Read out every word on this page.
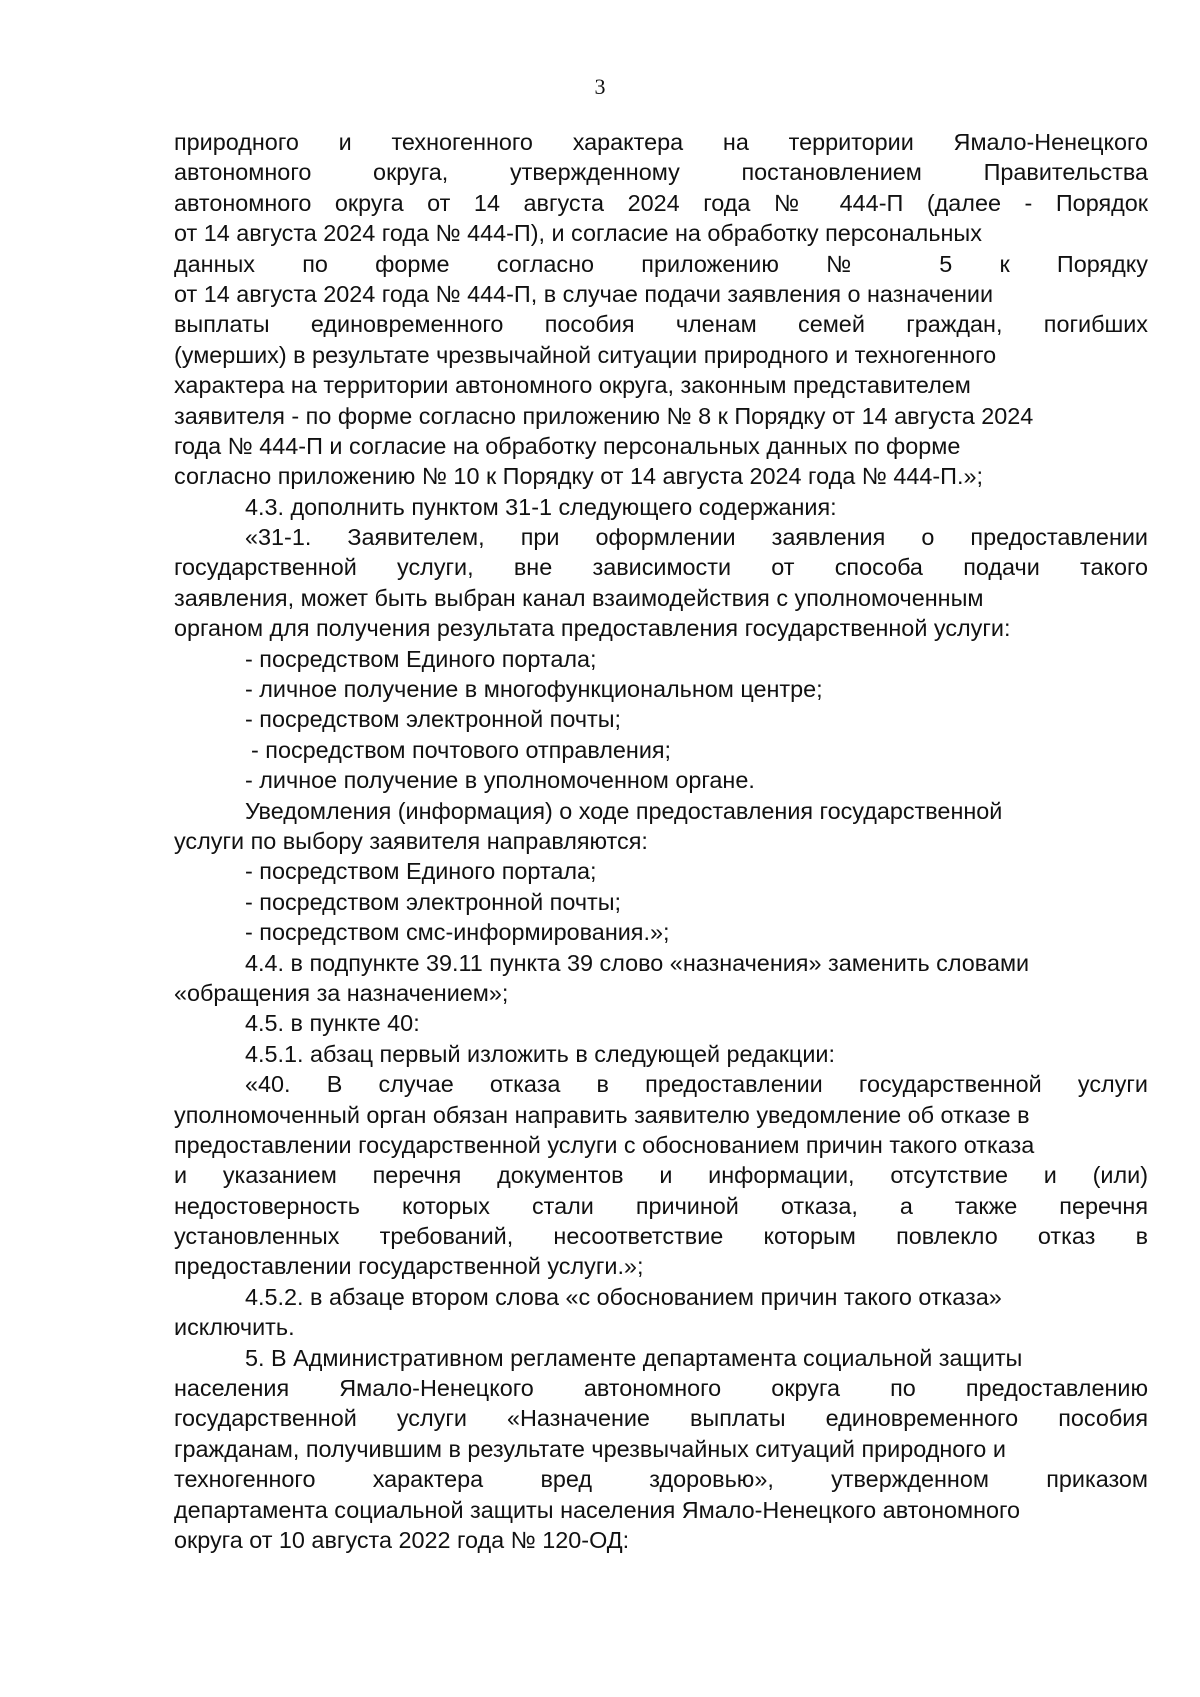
3
природного и техногенного характера на территории Ямало-Ненецкого
автономного округа, утвержденному постановлением Правительства
автономного округа от 14 августа 2024 года № 444-П (далее - Порядок
от 14 августа 2024 года № 444-П), и согласие на обработку персональных
данных по форме согласно приложению № 5 к Порядку
от 14 августа 2024 года № 444-П, в случае подачи заявления о назначении
выплаты единовременного пособия членам семей граждан, погибших
(умерших) в результате чрезвычайной ситуации природного и техногенного
характера на территории автономного округа, законным представителем
заявителя - по форме согласно приложению № 8 к Порядку от 14 августа 2024
года № 444-П и согласие на обработку персональных данных по форме
согласно приложению № 10 к Порядку от 14 августа 2024 года № 444-П.»;
4.3. дополнить пунктом 31-1 следующего содержания:
«31-1. Заявителем, при оформлении заявления о предоставлении
государственной услуги, вне зависимости от способа подачи такого
заявления, может быть выбран канал взаимодействия с уполномоченным
органом для получения результата предоставления государственной услуги:
- посредством Единого портала;
- личное получение в многофункциональном центре;
- посредством электронной почты;
- посредством почтового отправления;
- личное получение в уполномоченном органе.
Уведомления (информация) о ходе предоставления государственной
услуги по выбору заявителя направляются:
- посредством Единого портала;
- посредством электронной почты;
- посредством смс-информирования.»;
4.4. в подпункте 39.11 пункта 39 слово «назначения» заменить словами
«обращения за назначением»;
4.5. в пункте 40:
4.5.1. абзац первый изложить в следующей редакции:
«40. В случае отказа в предоставлении государственной услуги
уполномоченный орган обязан направить заявителю уведомление об отказе в
предоставлении государственной услуги с обоснованием причин такого отказа
и указанием перечня документов и информации, отсутствие и (или)
недостоверность которых стали причиной отказа, а также перечня
установленных требований, несоответствие которым повлекло отказ в
предоставлении государственной услуги.»;
4.5.2. в абзаце втором слова «с обоснованием причин такого отказа»
исключить.
5. В Административном регламенте департамента социальной защиты
населения Ямало-Ненецкого автономного округа по предоставлению
государственной услуги «Назначение выплаты единовременного пособия
гражданам, получившим в результате чрезвычайных ситуаций природного и
техногенного характера вред здоровью», утвержденном приказом
департамента социальной защиты населения Ямало-Ненецкого автономного
округа от 10 августа 2022 года № 120-ОД:
